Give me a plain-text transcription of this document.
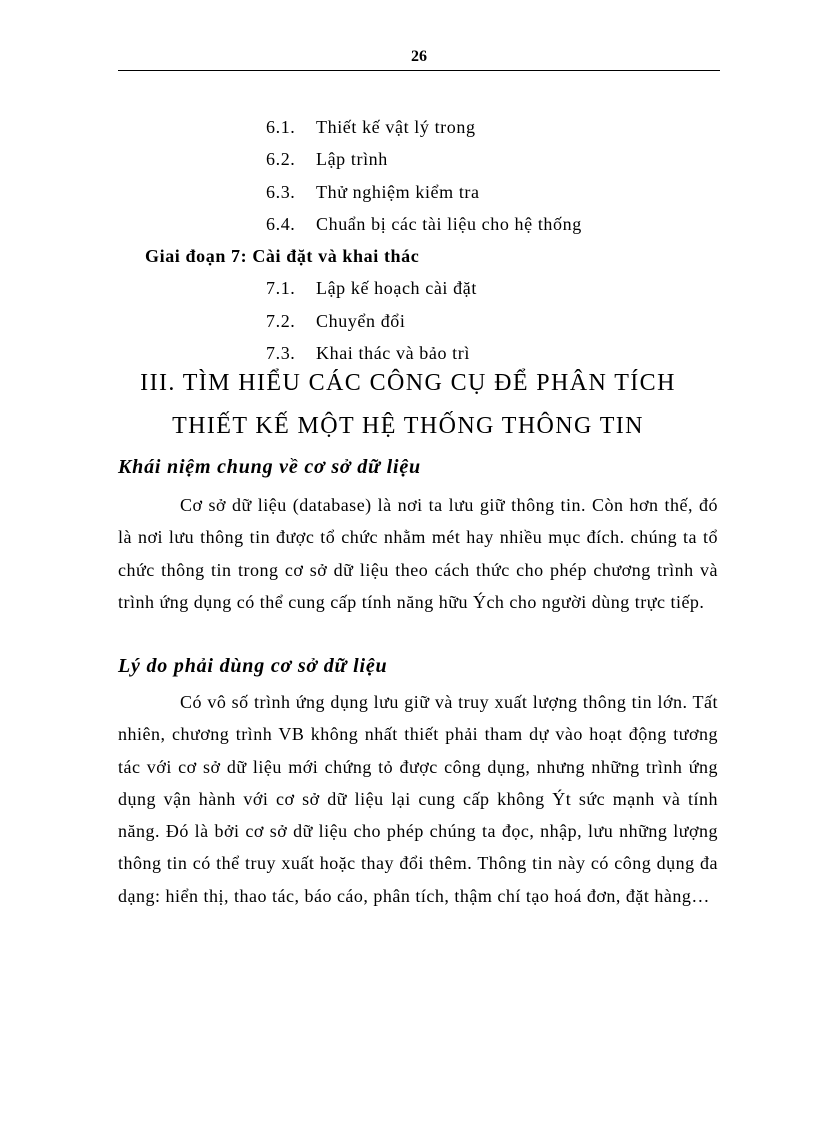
26
6.1. Thiết kế vật lý trong
6.2. Lập trình
6.3. Thử nghiệm kiểm tra
6.4. Chuẩn bị các tài liệu cho hệ thống
Giai đoạn 7: Cài đặt và khai thác
7.1. Lập kế hoạch cài đặt
7.2. Chuyển đổi
7.3. Khai thác và bảo trì
III. TÌM HIỂU CÁC CÔNG CỤ ĐỂ PHÂN TÍCH
THIẾT KẾ MỘT HỆ THỐNG THÔNG TIN
Khái niệm chung về cơ sở dữ liệu

Cơ sở dữ liệu (database) là nơi ta lưu giữ thông tin. Còn hơn thế, đó là nơi lưu thông tin được tổ chức nhằm mét hay nhiều mục đích. chúng ta tổ chức thông tin trong cơ sở dữ liệu theo cách thức cho phép chương trình và trình ứng dụng có thể cung cấp tính năng hữu Ých cho người dùng trực tiếp.

Lý do phải dùng cơ sở dữ liệu

Có vô số trình ứng dụng lưu giữ và truy xuất lượng thông tin lớn. Tất nhiên, chương trình VB không nhất thiết phải tham dự vào hoạt động tương tác với cơ sở dữ liệu mới chứng tỏ được công dụng, nhưng những trình ứng dụng vận hành với cơ sở dữ liệu lại cung cấp không Ýt sức mạnh và tính năng. Đó là bởi cơ sở dữ liệu cho phép chúng ta đọc, nhập, lưu những lượng thông tin có thể truy xuất hoặc thay đổi thêm. Thông tin này có công dụng đa dạng: hiển thị, thao tác, báo cáo, phân tích, thậm chí tạo hoá đơn, đặt hàng…
